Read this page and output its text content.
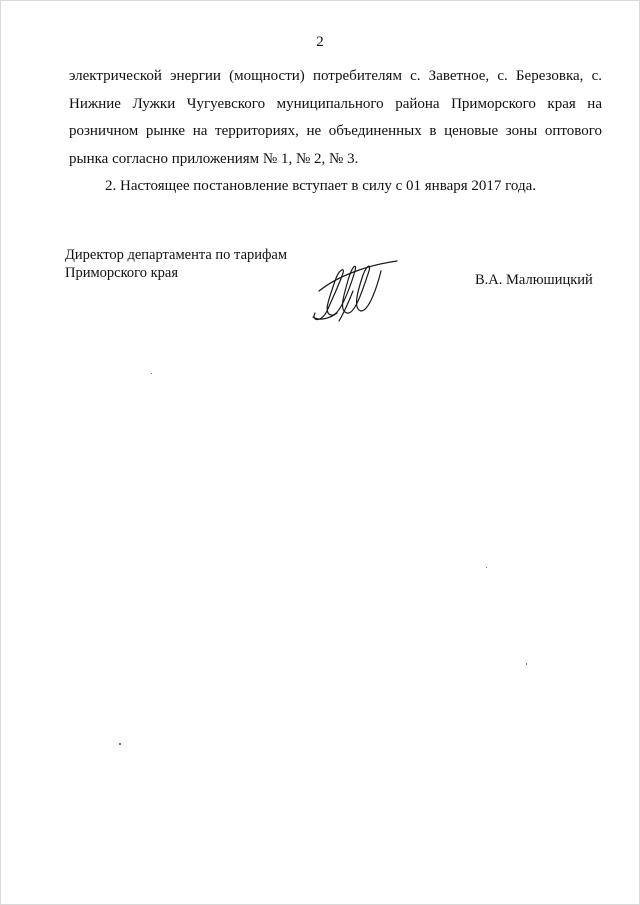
2

электрической энергии (мощности) потребителям с. Заветное, с. Березовка, с. Нижние Лужки Чугуевского муниципального района Приморского края на розничном рынке на территориях, не объединенных в ценовые зоны оптового рынка согласно приложениям № 1, № 2, № 3.

2. Настоящее постановление вступает в силу с 01 января 2017 года.

Директор департамента по тарифам
Приморского края	В.А. Малюшицкий
